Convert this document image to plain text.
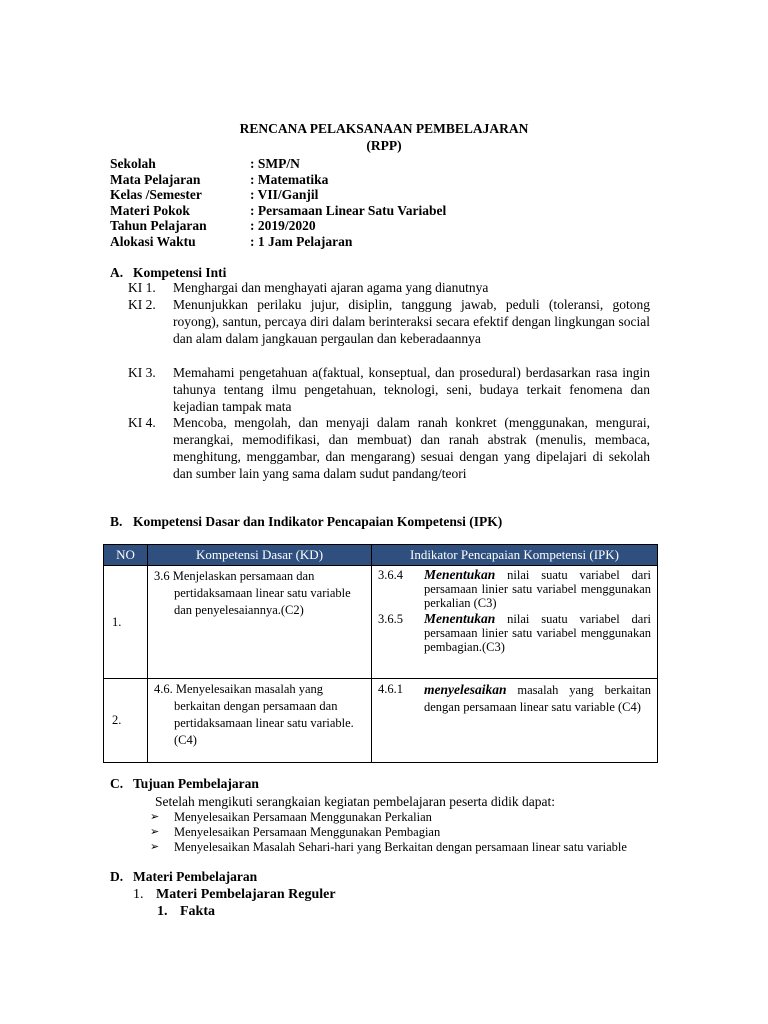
RENCANA PELAKSANAAN PEMBELAJARAN
(RPP)
Sekolah	: SMP/N
Mata Pelajaran	: Matematika
Kelas /Semester	: VII/Ganjil
Materi Pokok	: Persamaan Linear Satu Variabel
Tahun Pelajaran	: 2019/2020
Alokasi Waktu	: 1 Jam Pelajaran
A. Kompetensi Inti
KI 1. Menghargai dan menghayati ajaran agama yang dianutnya
KI 2. Menunjukkan perilaku jujur, disiplin, tanggung jawab, peduli (toleransi, gotong royong), santun, percaya diri dalam berinteraksi secara efektif dengan lingkungan social dan alam dalam jangkauan pergaulan dan keberadaannya
KI 3. Memahami pengetahuan a(faktual, konseptual, dan prosedural) berdasarkan rasa ingin tahunya tentang ilmu pengetahuan, teknologi, seni, budaya terkait fenomena dan kejadian tampak mata
KI 4. Mencoba, mengolah, dan menyaji dalam ranah konkret (menggunakan, mengurai, merangkai, memodifikasi, dan membuat) dan ranah abstrak (menulis, membaca, menghitung, menggambar, dan mengarang) sesuai dengan yang dipelajari di sekolah dan sumber lain yang sama dalam sudut pandang/teori
B. Kompetensi Dasar dan Indikator Pencapaian Kompetensi (IPK)
NO	Kompetensi Dasar (KD)	Indikator Pencapaian Kompetensi (IPK)
1.	3.6 Menjelaskan persamaan dan pertidaksamaan linear satu variable dan penyelesaiannya.(C2)	3.6.4 Menentukan nilai suatu variabel dari persamaan linier satu variabel menggunakan perkalian (C3)
3.6.5 Menentukan nilai suatu variabel dari persamaan linier satu variabel menggunakan pembagian.(C3)

2.	4.6. Menyelesaikan masalah yang berkaitan dengan persamaan dan pertidaksamaan linear satu variable.(C4)	4.6.1 menyelesaikan masalah yang berkaitan dengan persamaan linear satu variable (C4)
C. Tujuan Pembelajaran
Setelah mengikuti serangkaian kegiatan pembelajaran peserta didik dapat:
➢ Menyelesaikan Persamaan Menggunakan Perkalian
➢ Menyelesaikan Persamaan Menggunakan Pembagian
➢ Menyelesaikan Masalah Sehari-hari yang Berkaitan dengan persamaan linear satu variable
D. Materi Pembelajaran
1. Materi Pembelajaran Reguler
1. Fakta
